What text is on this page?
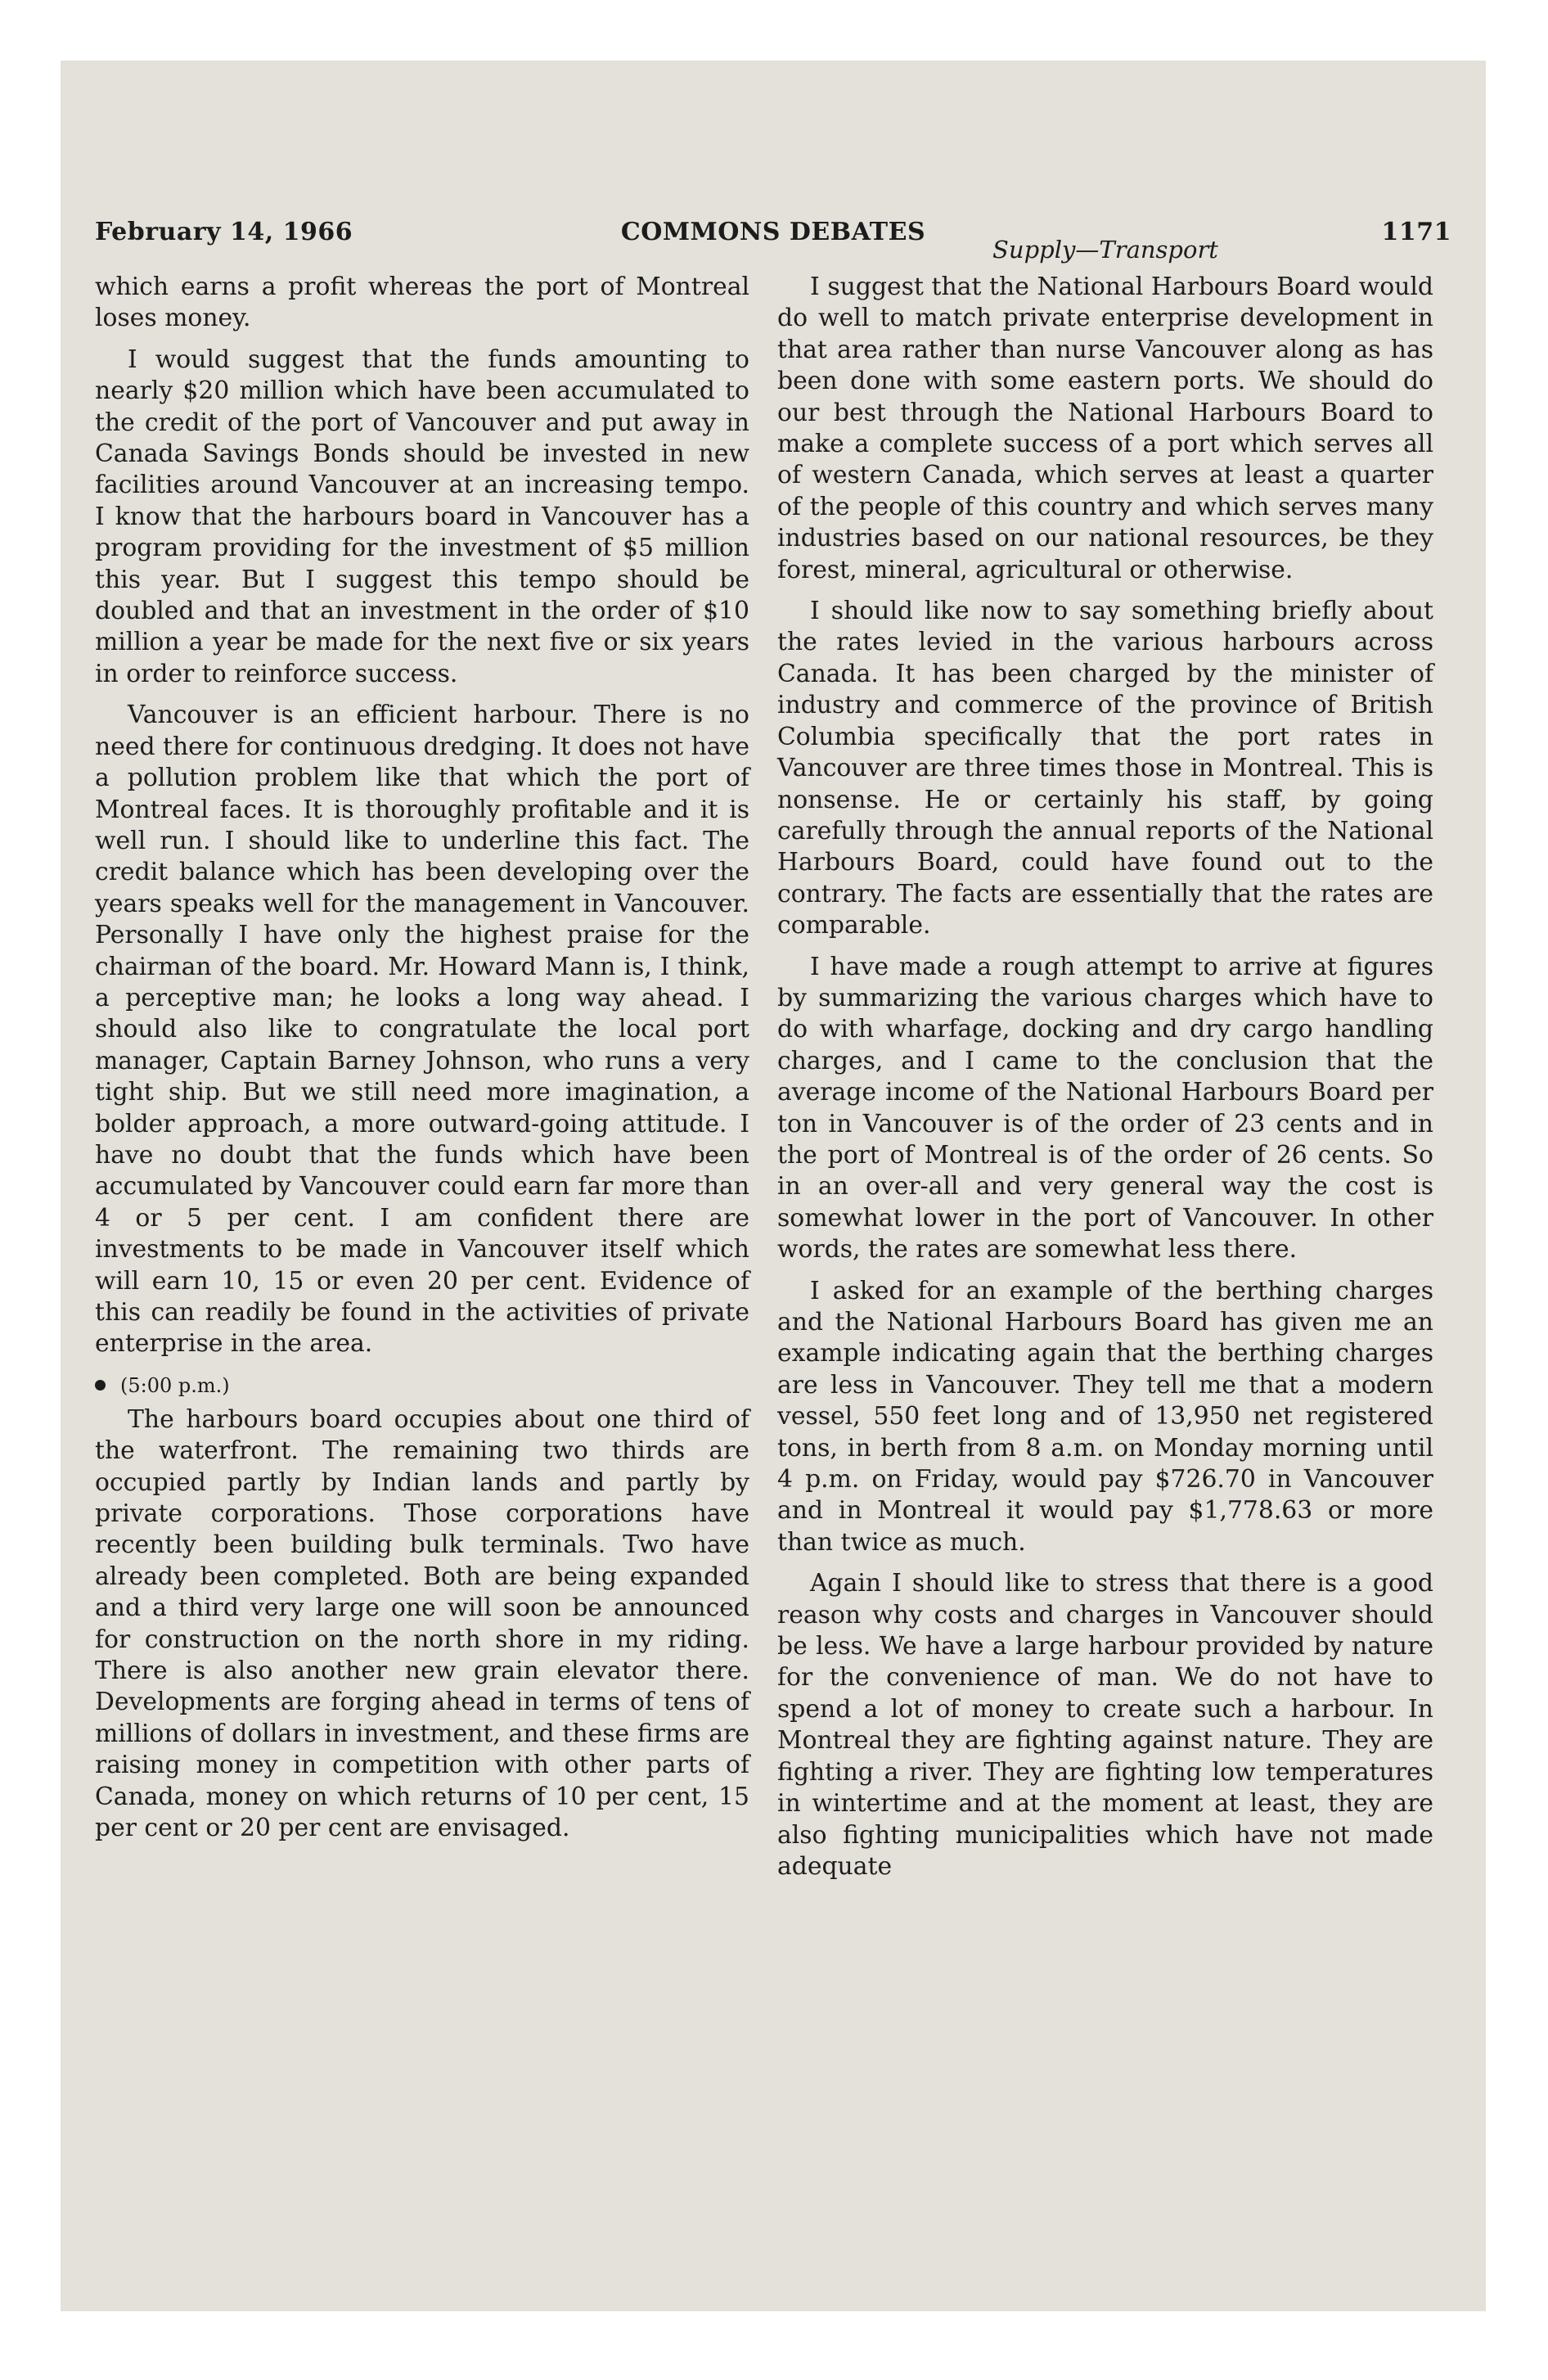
February 14, 1966	COMMONS DEBATES	1171

which earns a profit whereas the port of Montreal loses money.

I would suggest that the funds amounting to nearly $20 million which have been accumulated to the credit of the port of Vancouver and put away in Canada Savings Bonds should be invested in new facilities around Vancouver at an increasing tempo. I know that the harbours board in Vancouver has a program providing for the investment of $5 million this year. But I suggest this tempo should be doubled and that an investment in the order of $10 million a year be made for the next five or six years in order to reinforce success.

Vancouver is an efficient harbour. There is no need there for continuous dredging. It does not have a pollution problem like that which the port of Montreal faces. It is thoroughly profitable and it is well run. I should like to underline this fact. The credit balance which has been developing over the years speaks well for the management in Vancouver. Personally I have only the highest praise for the chairman of the board. Mr. Howard Mann is, I think, a perceptive man; he looks a long way ahead. I should also like to congratulate the local port manager, Captain Barney Johnson, who runs a very tight ship. But we still need more imagination, a bolder approach, a more outward-going attitude. I have no doubt that the funds which have been accumulated by Vancouver could earn far more than 4 or 5 per cent. I am confident there are investments to be made in Vancouver itself which will earn 10, 15 or even 20 per cent. Evidence of this can readily be found in the activities of private enterprise in the area.

(5:00 p.m.)

The harbours board occupies about one third of the waterfront. The remaining two thirds are occupied partly by Indian lands and partly by private corporations. Those corporations have recently been building bulk terminals. Two have already been completed. Both are being expanded and a third very large one will soon be announced for construction on the north shore in my riding. There is also another new grain elevator there. Developments are forging ahead in terms of tens of millions of dollars in investment, and these firms are raising money in competition with other parts of Canada, money on which returns of 10 per cent, 15 per cent or 20 per cent are envisaged.

Supply—Transport

I suggest that the National Harbours Board would do well to match private enterprise development in that area rather than nurse Vancouver along as has been done with some eastern ports. We should do our best through the National Harbours Board to make a complete success of a port which serves all of western Canada, which serves at least a quarter of the people of this country and which serves many industries based on our national resources, be they forest, mineral, agricultural or otherwise.

I should like now to say something briefly about the rates levied in the various harbours across Canada. It has been charged by the minister of industry and commerce of the province of British Columbia specifically that the port rates in Vancouver are three times those in Montreal. This is nonsense. He or certainly his staff, by going carefully through the annual reports of the National Harbours Board, could have found out to the contrary. The facts are essentially that the rates are comparable.

I have made a rough attempt to arrive at figures by summarizing the various charges which have to do with wharfage, docking and dry cargo handling charges, and I came to the conclusion that the average income of the National Harbours Board per ton in Vancouver is of the order of 23 cents and in the port of Montreal is of the order of 26 cents. So in an over-all and very general way the cost is somewhat lower in the port of Vancouver. In other words, the rates are somewhat less there.

I asked for an example of the berthing charges and the National Harbours Board has given me an example indicating again that the berthing charges are less in Vancouver. They tell me that a modern vessel, 550 feet long and of 13,950 net registered tons, in berth from 8 a.m. on Monday morning until 4 p.m. on Friday, would pay $726.70 in Vancouver and in Montreal it would pay $1,778.63 or more than twice as much.

Again I should like to stress that there is a good reason why costs and charges in Vancouver should be less. We have a large harbour provided by nature for the convenience of man. We do not have to spend a lot of money to create such a harbour. In Montreal they are fighting against nature. They are fighting a river. They are fighting low temperatures in wintertime and at the moment at least, they are also fighting municipalities which have not made adequate
